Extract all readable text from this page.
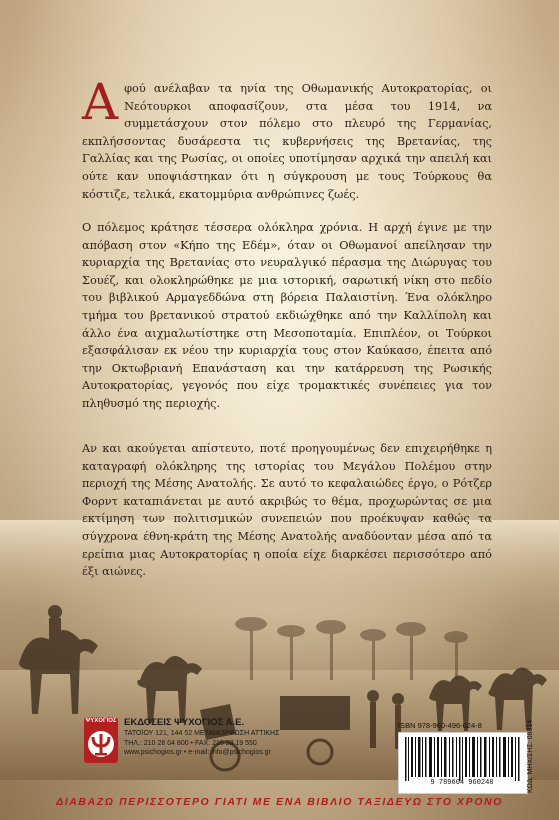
Αφού ανέλαβαν τα ηνία της Οθωμανικής Αυτοκρατορίας, οι Νεότουρκοι αποφασίζουν, στα μέσα του 1914, να συμμετάσχουν στον πόλεμο στο πλευρό της Γερμανίας, εκπλήσσοντας δυσάρεστα τις κυβερνήσεις της Βρετανίας, της Γαλλίας και της Ρωσίας, οι οποίες υποτίμησαν αρχικά την απειλή και ούτε καν υποψιάστηκαν ότι η σύγκρουση με τους Τούρκους θα κόστιζε, τελικά, εκατομμύρια ανθρώπινες ζωές.

Ο πόλεμος κράτησε τέσσερα ολόκληρα χρόνια. Η αρχή έγινε με την απόβαση στον «Κήπο της Εδέμ», όταν οι Οθωμανοί απείλησαν την κυριαρχία της Βρετανίας στο νευραλγικό πέρασμα της Διώρυγας του Σουέζ, και ολοκληρώθηκε με μια ιστορική, σαρωτική νίκη στο πεδίο του βιβλικού Αρμαγεδδώνα στη βόρεια Παλαιστίνη. Ένα ολόκληρο τμήμα του βρετανικού στρατού εκδιώχθηκε από την Καλλίπολη και άλλο ένα αιχμαλωτίστηκε στη Μεσοποταμία. Επιπλέον, οι Τούρκοι εξασφάλισαν εκ νέου την κυριαρχία τους στον Καύκασο, έπειτα από την Οκτωβριανή Επανάσταση και την κατάρρευση της Ρωσικής Αυτοκρατορίας, γεγονός που είχε τρομακτικές συνέπειες για τον πληθυσμό της περιοχής.

Αν και ακούγεται απίστευτο, ποτέ προηγουμένως δεν επιχειρήθηκε η καταγραφή ολόκληρης της ιστορίας του Μεγάλου Πολέμου στην περιοχή της Μέσης Ανατολής. Σε αυτό το κεφαλαιώδες έργο, ο Ρότζερ Φορντ καταπιάνεται με αυτό ακριβώς το θέμα, προχωρώντας σε μια εκτίμηση των πολιτισμικών συνεπειών που προέκυψαν καθώς τα σύγχρονα έθνη-κράτη της Μέσης Ανατολής αναδύονταν μέσα από τα ερείπια μιας Αυτοκρατορίας η οποία είχε διαρκέσει περισσότερο από έξι αιώνες.

ΨΥΧΟΓΙΟΣ ΕΚΔΟΣΕΙΣ ΨΥΧΟΓΙΟΣ Α.Ε.
ΤΑΤΟΪΟΥ 121, 144 52 ΜΕΤΑΜΟΡΦΩΣΗ ΑΤΤΙΚΗΣ
ΤΗΛ.: 210 28 04 800 • FAX: 210 28 19 550
www.psichogios.gr • e-mail: info@psichogios.gr
ISBN 978-960-496-024-8
9 789604 960248	ΚΩΔ. ΜΗΧ/ΣΗΣ: 08814
ΔΙΑΒΑΖΩ ΠΕΡΙΣΣΟΤΕΡΟ ΓΙΑΤΙ ΜΕ ΕΝΑ ΒΙΒΛΙΟ ΤΑΞΙΔΕΥΩ ΣΤΟ ΧΡΟΝΟ
